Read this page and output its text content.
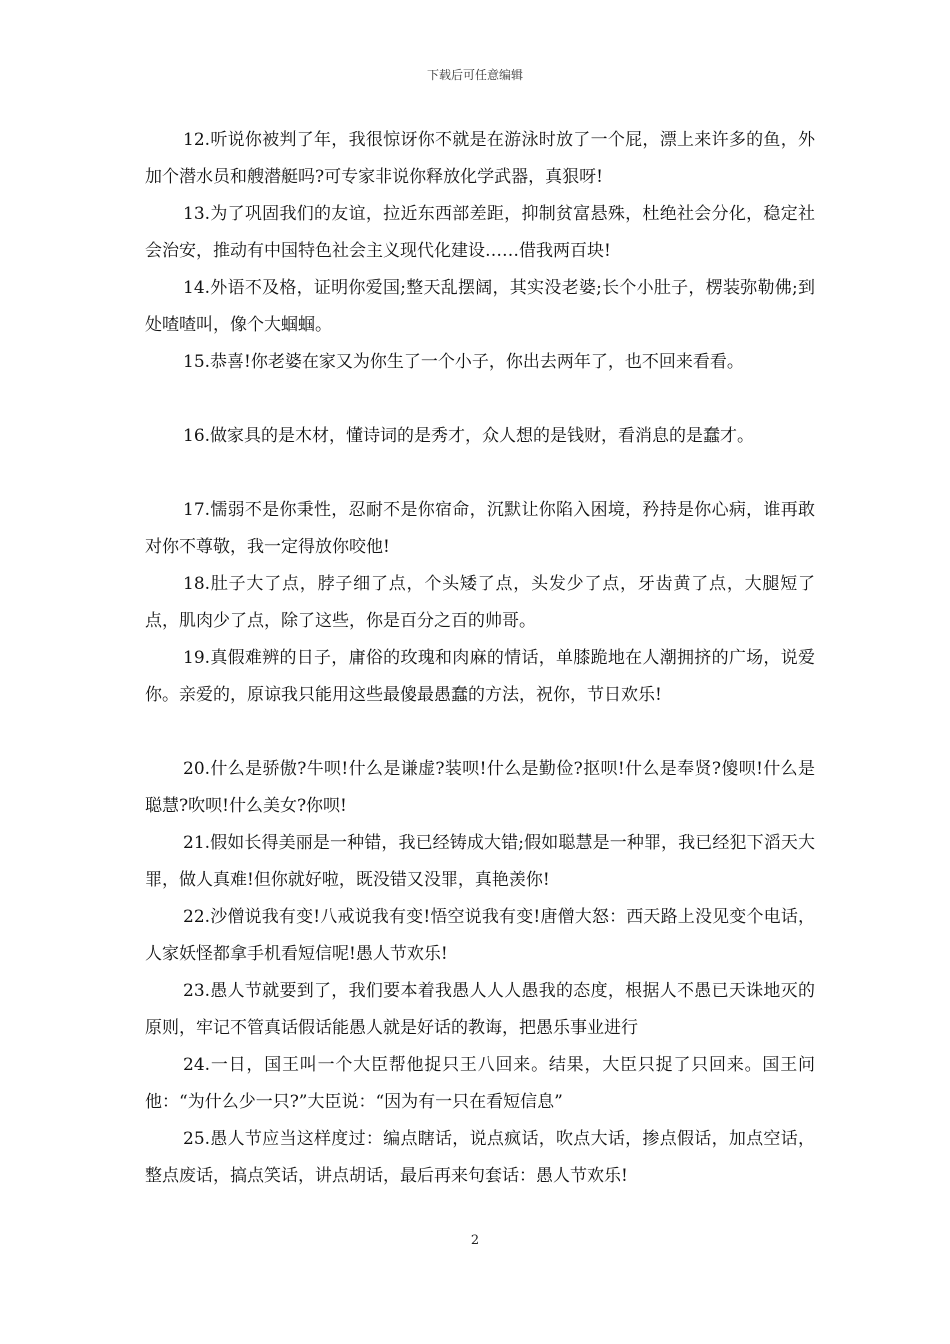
下载后可任意编辑

12.听说你被判了年，我很惊讶你不就是在游泳时放了一个屁，漂上来许多的鱼，外加个潜水员和艘潜艇吗?可专家非说你释放化学武器，真狠呀!

13.为了巩固我们的友谊，拉近东西部差距，抑制贫富悬殊，杜绝社会分化，稳定社会治安，推动有中国特色社会主义现代化建设……借我两百块!

14.外语不及格，证明你爱国;整天乱摆阔，其实没老婆;长个小肚子，楞装弥勒佛;到处喳喳叫，像个大蝈蝈。

15.恭喜!你老婆在家又为你生了一个小子，你出去两年了，也不回来看看。

16.做家具的是木材，懂诗词的是秀才，众人想的是钱财，看消息的是蠢才。

17.懦弱不是你秉性，忍耐不是你宿命，沉默让你陷入困境，矜持是你心病，谁再敢对你不尊敬，我一定得放你咬他!

18.肚子大了点，脖子细了点，个头矮了点，头发少了点，牙齿黄了点，大腿短了点，肌肉少了点，除了这些，你是百分之百的帅哥。

19.真假难辨的日子，庸俗的玫瑰和肉麻的情话，单膝跪地在人潮拥挤的广场，说爱你。亲爱的，原谅我只能用这些最傻最愚蠢的方法，祝你，节日欢乐!

20.什么是骄傲?牛呗!什么是谦虚?装呗!什么是勤俭?抠呗!什么是奉贤?傻呗!什么是聪慧?吹呗!什么美女?你呗!

21.假如长得美丽是一种错，我已经铸成大错;假如聪慧是一种罪，我已经犯下滔天大罪，做人真难!但你就好啦，既没错又没罪，真艳羡你!

22.沙僧说我有变!八戒说我有变!悟空说我有变!唐僧大怒：西天路上没见变个电话，人家妖怪都拿手机看短信呢!愚人节欢乐!

23.愚人节就要到了，我们要本着我愚人人人愚我的态度，根据人不愚已天诛地灭的原则，牢记不管真话假话能愚人就是好话的教诲，把愚乐事业进行

24.一日，国王叫一个大臣帮他捉只王八回来。结果，大臣只捉了只回来。国王问他：“为什么少一只?”大臣说：“因为有一只在看短信息”

25.愚人节应当这样度过：编点瞎话，说点疯话，吹点大话，掺点假话，加点空话，整点废话，搞点笑话，讲点胡话，最后再来句套话：愚人节欢乐!

2
